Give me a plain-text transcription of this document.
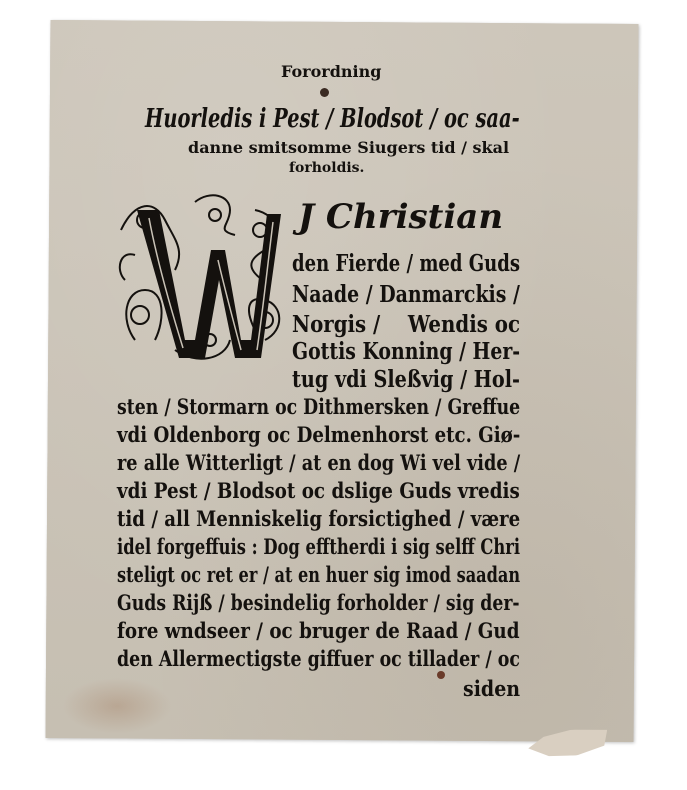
Forordning
Huorledis i Pest / Blodsot / oc saa-
danne smitsomme Siugers tid / skal
forholdis.
J Christian
den Fierde / med Guds
Naade / Danmarckis /
Norgis /    Wendis oc
Gottis Konning / Her-
tug vdi Sleßvig / Hol-
sten / Stormarn oc Dithmersken / Greffue
vdi Oldenborg oc Delmenhorst etc. Giø-
re alle Witterligt / at en dog Wi vel vide /
vdi Pest / Blodsot oc dslige Guds vredis
tid / all Menniskelig forsictighed / være
idel forgeffuis : Dog efftherdi i sig selff Chri
steligt oc ret er / at en huer sig imod saadan
Guds Rijß / besindelig forholder / sig der-
fore wndseer / oc bruger de Raad / Gud
den Allermectigste giffuer oc tillader / oc
siden
